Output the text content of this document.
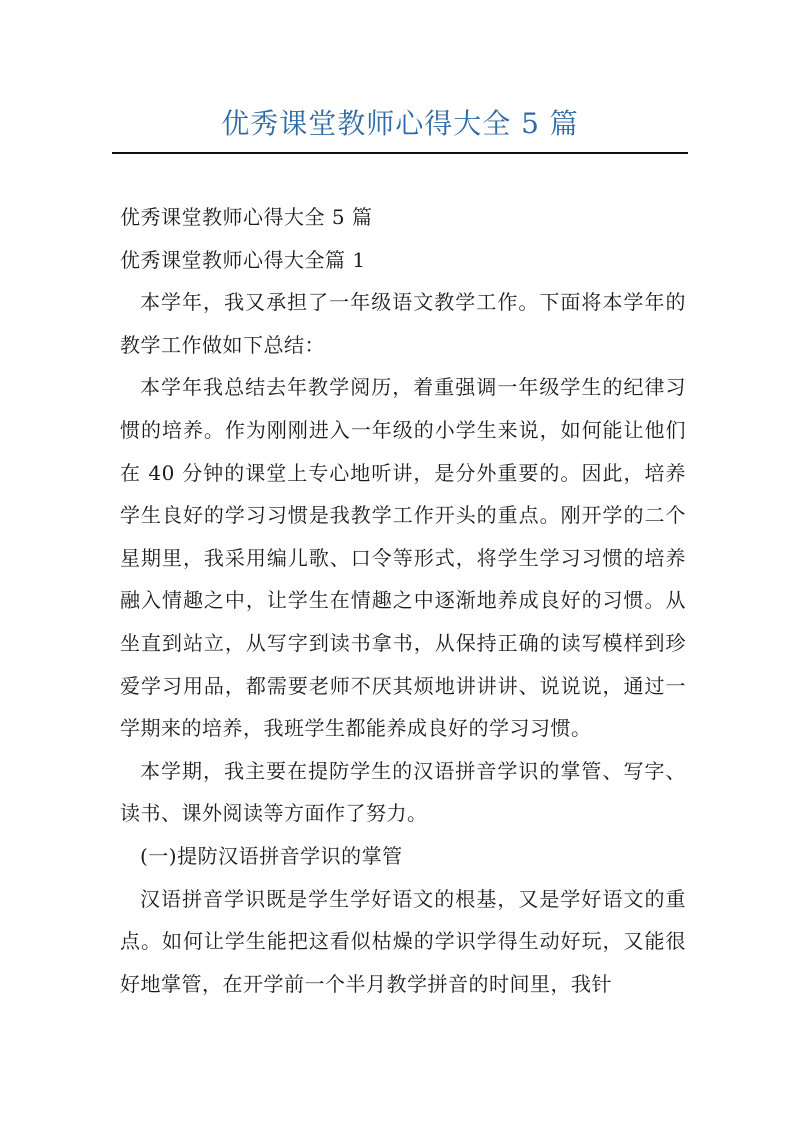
优秀课堂教师心得大全 5 篇

优秀课堂教师心得大全 5 篇

优秀课堂教师心得大全篇 1

本学年，我又承担了一年级语文教学工作。下面将本学年的教学工作做如下总结：

本学年我总结去年教学阅历，着重强调一年级学生的纪律习惯的培养。作为刚刚进入一年级的小学生来说，如何能让他们在 40 分钟的课堂上专心地听讲，是分外重要的。因此，培养学生良好的学习习惯是我教学工作开头的重点。刚开学的二个星期里，我采用编儿歌、口令等形式，将学生学习习惯的培养融入情趣之中，让学生在情趣之中逐渐地养成良好的习惯。从坐直到站立，从写字到读书拿书，从保持正确的读写模样到珍爱学习用品，都需要老师不厌其烦地讲讲讲、说说说，通过一学期来的培养，我班学生都能养成良好的学习习惯。

本学期，我主要在提防学生的汉语拼音学识的掌管、写字、读书、课外阅读等方面作了努力。

(一)提防汉语拼音学识的掌管

汉语拼音学识既是学生学好语文的根基，又是学好语文的重点。如何让学生能把这看似枯燥的学识学得生动好玩，又能很好地掌管，在开学前一个半月教学拼音的时间里，我针
